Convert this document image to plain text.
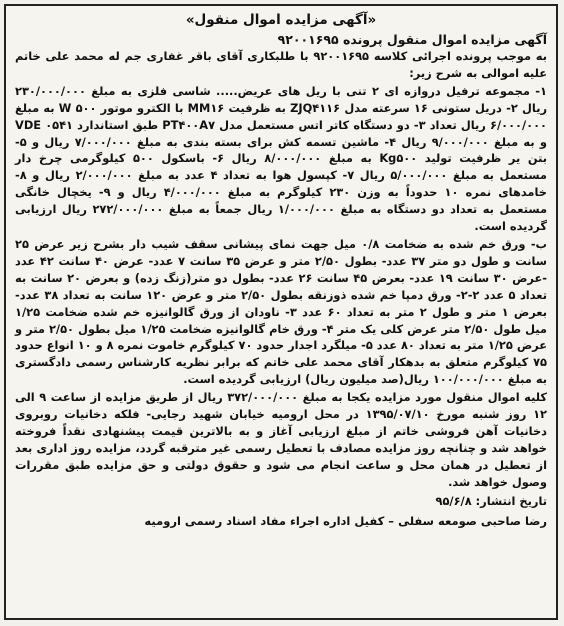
«آگهی مزایده اموال منقول»
آگهی مزایده اموال منقول پرونده ۹۲۰۰۱۶۹۵

به موجب پرونده اجرائی کلاسه ۹۲۰۰۱۶۹۵ با طلبکاری آقای باقر غفاری جم له محمد علی خاتم علیه اموالی به شرح زیر:

۱- مجموعه ترفیل دروازه ای ۲ تنی با ریل های عریض..... شاسی فلزی به مبلغ ۲۳۰/۰۰۰/۰۰۰ ریال ۲- دریل ستونی ۱۶ سرعته مدل ZJQ۴۱۱۶ به ظرفیت MM۱۶ با الکترو موتور ۵۰۰ W به مبلغ ۶/۰۰۰/۰۰۰ ریال تعداد ۳- دو دستگاه کاتر اتس مستعمل مدل PT۴۰۰A۷ طبق استاندارد VDE ۰۵۴۱ و به مبلغ ۹/۰۰۰/۰۰۰ ریال ۴- ماشین تسمه کش برای بسته بندی به مبلغ ۷/۰۰۰/۰۰۰ ریال و ۵- بتن یر ظرفیت تولید Kg۵۰۰ به مبلغ ۸/۰۰۰/۰۰۰ ریال ۶- باسکول ۵۰۰ کیلوگرمی چرخ دار مستعمل به مبلغ ۵/۰۰۰/۰۰۰ ریال ۷- کپسول هوا به تعداد ۴ عدد به مبلغ ۲/۰۰۰/۰۰۰ ریال و ۸- خامدهای نمره ۱۰ حدوداً به وزن ۲۳۰ کیلوگرم به مبلغ ۴/۰۰۰/۰۰۰ ریال و ۹- یخچال خانگی مستعمل به تعداد دو دستگاه به مبلغ ۱/۰۰۰/۰۰۰ ریال جمعاً به مبلغ ۲۷۲/۰۰۰/۰۰۰ ریال ارزیابی گردیده است.

ب- ورق خم شده به ضخامت ۰/۸ میل جهت نمای پیشانی سقف شیب دار بشرح زیر عرض ۲۵ سانت و طول دو متر ۳۷ عدد- بطول ۲/۵۰ متر و عرض ۳۵ سانت ۷ عدد- عرض ۴۰ سانت ۴۲ عدد -عرض ۳۰ سانت ۱۹ عدد- بعرض ۴۵ سانت ۲۶ عدد- بطول دو متر(زنگ زده) و بعرض ۲۰ سانت به تعداد ۵ عدد ۲-۲- ورق دمپا خم شده ذوزنقه بطول ۲/۵۰ متر و عرض ۱۲۰ سانت به تعداد ۳۸ عدد- بعرض ۱ متر و طول ۲ متر به تعداد ۶۰ عدد ۳- ناودان از ورق گالوانیزه خم شده ضخامت ۱/۲۵ میل طول ۲/۵۰ متر عرض کلی یک متر ۴- ورق خام گالوانیزه ضخامت ۱/۲۵ میل بطول ۲/۵۰ متر و عرض ۱/۲۵ متر به تعداد ۸۰ عدد ۵- میلگرد اجدار حدود ۷۰ کیلوگرم خاموت نمره ۸ و ۱۰ انواع حدود ۷۵ کیلوگرم متعلق به بدهکار آقای محمد علی خاتم که برابر نظریه کارشناس رسمی دادگستری به مبلغ ۱۰۰/۰۰۰/۰۰۰ ریال(صد میلیون ریال) ارزیابی گردیده است.

کلیه اموال منقول مورد مزایده یکجا به مبلغ ۳۷۲/۰۰۰/۰۰۰ ریال از طریق مزایده از ساعت ۹ الی ۱۲ روز شنبه مورخ ۱۳۹۵/۰۷/۱۰ در محل ارومیه خیابان شهید رجایی- فلکه دخانیات روبروی دخانیات آهن فروشی خاتم از مبلغ ارزیابی آغاز و به بالاترین قیمت پیشنهادی نقداً فروخته خواهد شد و چنانچه روز مزایده مصادف با تعطیل رسمی غیر مترقبه گردد، مزایده روز اداری بعد از تعطیل در همان محل و ساعت انجام می شود و حقوق دولتی و حق مزایده طبق مقررات وصول خواهد شد.

تاریخ انتشار: ۹۵/۶/۸

رضا صاحبی صومعه سفلی – کفیل اداره اجراء مفاد اسناد رسمی ارومیه
